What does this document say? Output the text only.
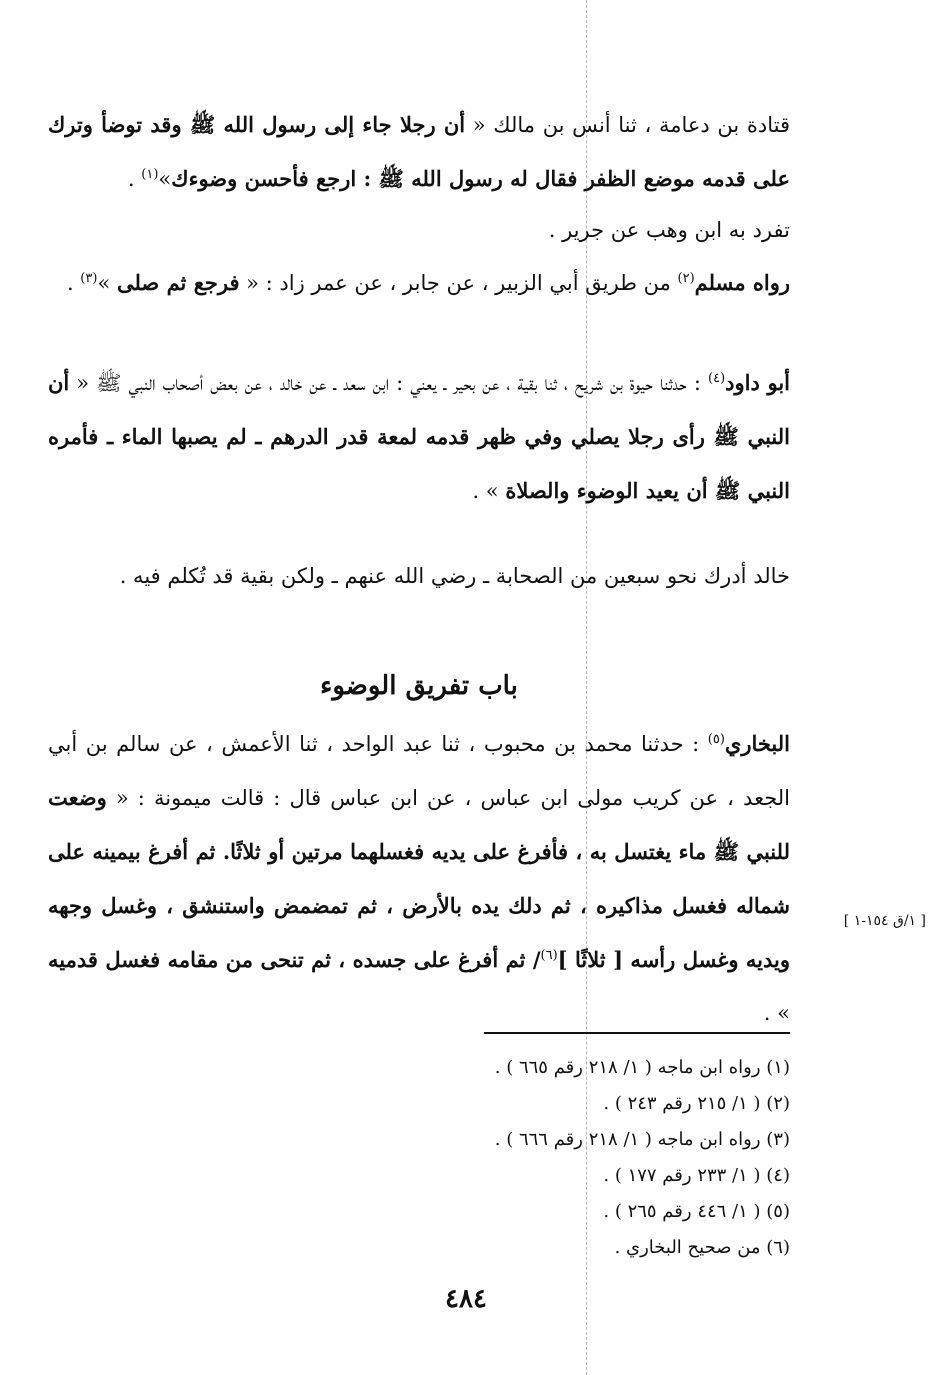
قتادة بن دعامة ، ثنا أنس بن مالك « أن رجلا جاء إلى رسول الله ﷺ وقد توضأ وترك على قدمه موضع الظفر فقال له رسول الله ﷺ : ارجع فأحسن وضوءك»$^{(١)}$ .

تفرد به ابن وهب عن جرير .

رواه مسلم$^{(٢)}$ من طريق أبي الزبير ، عن جابر ، عن عمر زاد : « فرجع ثم صلى »$^{(٣)}$ .

أبو داود$^{(٤)}$ : حدثنا حيوة بن شريح ، ثنا بقية ، عن بحير ـ يعني : ابن سعد ـ عن خالد ، عن بعض أصحاب النبي ﷺ « أن النبي ﷺ رأى رجلا يصلي وفي ظهر قدمه لمعة قدر الدرهم ـ لم يصبها الماء ـ فأمره النبي ﷺ أن يعيد الوضوء والصلاة » .

خالد أدرك نحو سبعين من الصحابة ـ رضي الله عنهم ـ ولكن بقية قد تُكلم فيه .

البخاري$^{(٥)}$ : حدثنا محمد بن محبوب ، ثنا عبد الواحد ، ثنا الأعمش ، عن سالم بن أبي الجعد ، عن كريب مولى ابن عباس ، عن ابن عباس قال : قالت ميمونة : « وضعت للنبي ﷺ ماء يغتسل به ، فأفرغ على يديه فغسلهما مرتين أو ثلاثًا. ثم أفرغ بيمينه على شماله فغسل مذاكيره ، ثم دلك يده بالأرض ، ثم تمضمض واستنشق ، وغسل وجهه ويديه وغسل رأسه [ ثلاثًا ]$^{(٦)}$/ ثم أفرغ على جسده ، ثم تنحى من مقامه فغسل قدميه » .

باب تفريق الوضوء
[ ١/ق ١٥٤-١ ]
(١) رواه ابن ماجه ( ١/ ٢١٨ رقم ٦٦٥ ) .
(٢) ( ١/ ٢١٥ رقم ٢٤٣ ) .
(٣) رواه ابن ماجه ( ١/ ٢١٨ رقم ٦٦٦ ) .
(٤) ( ١/ ٢٣٣ رقم ١٧٧ ) .
(٥) ( ١/ ٤٤٦ رقم ٢٦٥ ) .
(٦) من صحيح البخاري .
٤٨٤
